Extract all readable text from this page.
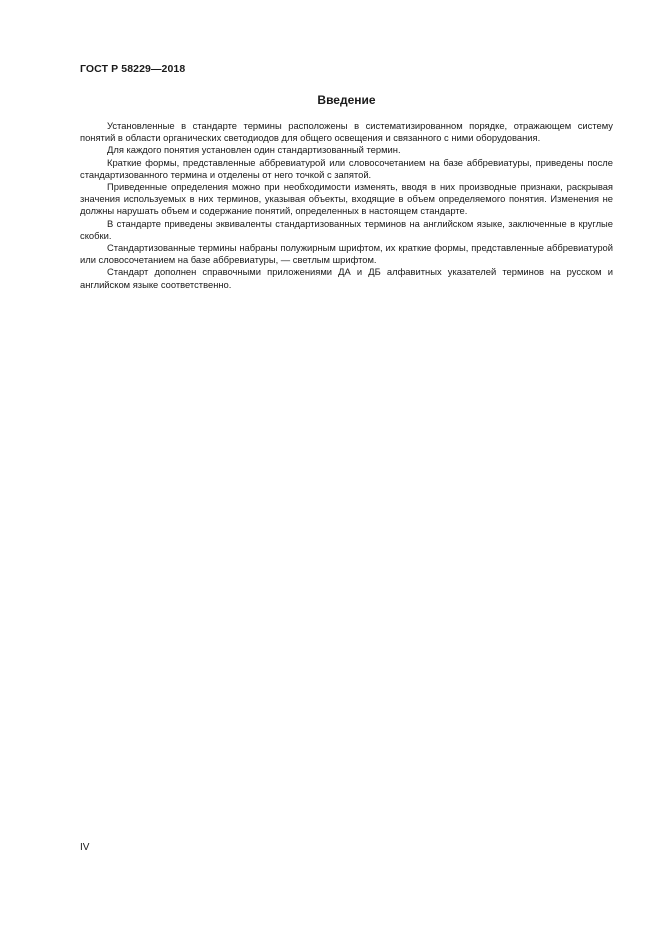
ГОСТ Р 58229—2018
Введение

Установленные в стандарте термины расположены в систематизированном порядке, отражающем систему понятий в области органических светодиодов для общего освещения и связанного с ними оборудования.

Для каждого понятия установлен один стандартизованный термин.

Краткие формы, представленные аббревиатурой или словосочетанием на базе аббревиатуры, приведены после стандартизованного термина и отделены от него точкой с запятой.

Приведенные определения можно при необходимости изменять, вводя в них производные признаки, раскрывая значения используемых в них терминов, указывая объекты, входящие в объем определяемого понятия. Изменения не должны нарушать объем и содержание понятий, определенных в настоящем стандарте.

В стандарте приведены эквиваленты стандартизованных терминов на английском языке, заключенные в круглые скобки.

Стандартизованные термины набраны полужирным шрифтом, их краткие формы, представленные аббревиатурой или словосочетанием на базе аббревиатуры, — светлым шрифтом.

Стандарт дополнен справочными приложениями ДА и ДБ алфавитных указателей терминов на русском и английском языке соответственно.

IV
